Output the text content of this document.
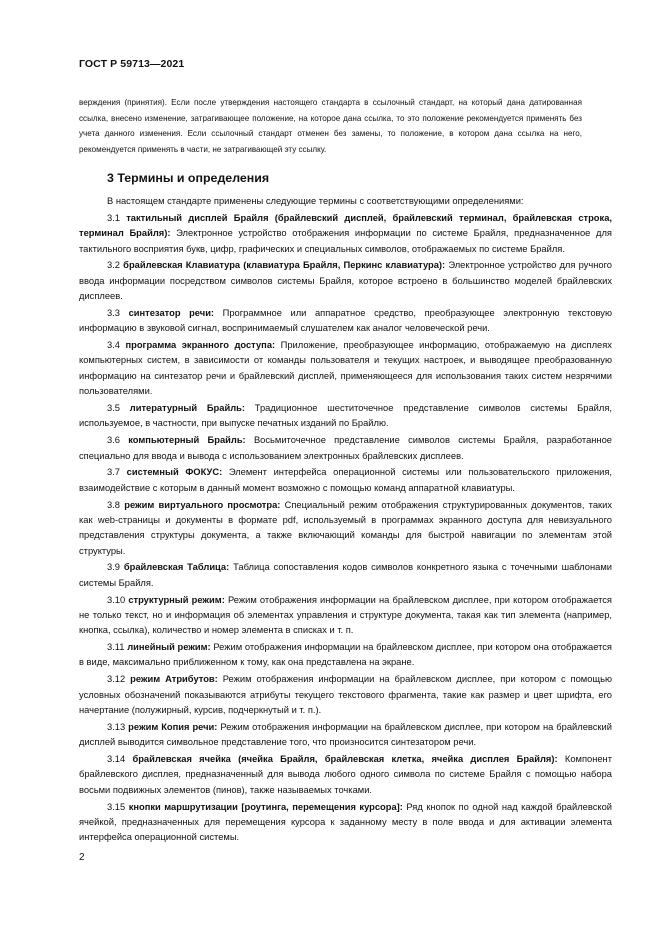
ГОСТ Р 59713—2021
верждения (принятия). Если после утверждения настоящего стандарта в ссылочный стандарт, на который дана датированная ссылка, внесено изменение, затрагивающее положение, на которое дана ссылка, то это положение рекомендуется применять без учета данного изменения. Если ссылочный стандарт отменен без замены, то положение, в котором дана ссылка на него, рекомендуется применять в части, не затрагивающей эту ссылку.
3 Термины и определения

В настоящем стандарте применены следующие термины с соответствующими определениями:

3.1 тактильный дисплей Брайля (брайлевский дисплей, брайлевский терминал, брайлевская строка, терминал Брайля): Электронное устройство отображения информации по системе Брайля, предназначенное для тактильного восприятия букв, цифр, графических и специальных символов, отображаемых по системе Брайля.

3.2 брайлевская Клавиатура (клавиатура Брайля, Перкинс клавиатура): Электронное устройство для ручного ввода информации посредством символов системы Брайля, которое встроено в большинство моделей брайлевских дисплеев.

3.3 синтезатор речи: Программное или аппаратное средство, преобразующее электронную текстовую информацию в звуковой сигнал, воспринимаемый слушателем как аналог человеческой речи.

3.4 программа экранного доступа: Приложение, преобразующее информацию, отображаемую на дисплеях компьютерных систем, в зависимости от команды пользователя и текущих настроек, и выводящее преобразованную информацию на синтезатор речи и брайлевский дисплей, применяющееся для использования таких систем незрячими пользователями.

3.5 литературный Брайль: Традиционное шеститочечное представление символов системы Брайля, используемое, в частности, при выпуске печатных изданий по Брайлю.

3.6 компьютерный Брайль: Восьмиточечное представление символов системы Брайля, разработанное специально для ввода и вывода с использованием электронных брайлевских дисплеев.

3.7 системный ФОКУС: Элемент интерфейса операционной системы или пользовательского приложения, взаимодействие с которым в данный момент возможно с помощью команд аппаратной клавиатуры.

3.8 режим виртуального просмотра: Специальный режим отображения структурированных документов, таких как web-страницы и документы в формате pdf, используемый в программах экранного доступа для невизуального представления структуры документа, а также включающий команды для быстрой навигации по элементам этой структуры.

3.9 брайлевская Таблица: Таблица сопоставления кодов символов конкретного языка с точечными шаблонами системы Брайля.

3.10 структурный режим: Режим отображения информации на брайлевском дисплее, при котором отображается не только текст, но и информация об элементах управления и структуре документа, такая как тип элемента (например, кнопка, ссылка), количество и номер элемента в списках и т. п.

3.11 линейный режим: Режим отображения информации на брайлевском дисплее, при котором она отображается в виде, максимально приближенном к тому, как она представлена на экране.

3.12 режим Атрибутов: Режим отображения информации на брайлевском дисплее, при котором с помощью условных обозначений показываются атрибуты текущего текстового фрагмента, такие как размер и цвет шрифта, его начертание (полужирный, курсив, подчеркнутый и т. п.).

3.13 режим Копия речи: Режим отображения информации на брайлевском дисплее, при котором на брайлевский дисплей выводится символьное представление того, что произносится синтезатором речи.

3.14 брайлевская ячейка (ячейка Брайля, брайлевская клетка, ячейка дисплея Брайля): Компонент брайлевского дисплея, предназначенный для вывода любого одного символа по системе Брайля с помощью набора восьми подвижных элементов (пинов), также называемых точками.

3.15 кнопки маршрутизации [роутинга, перемещения курсора]: Ряд кнопок по одной над каждой брайлевской ячейкой, предназначенных для перемещения курсора к заданному месту в поле ввода и для активации элемента интерфейса операционной системы.

2
